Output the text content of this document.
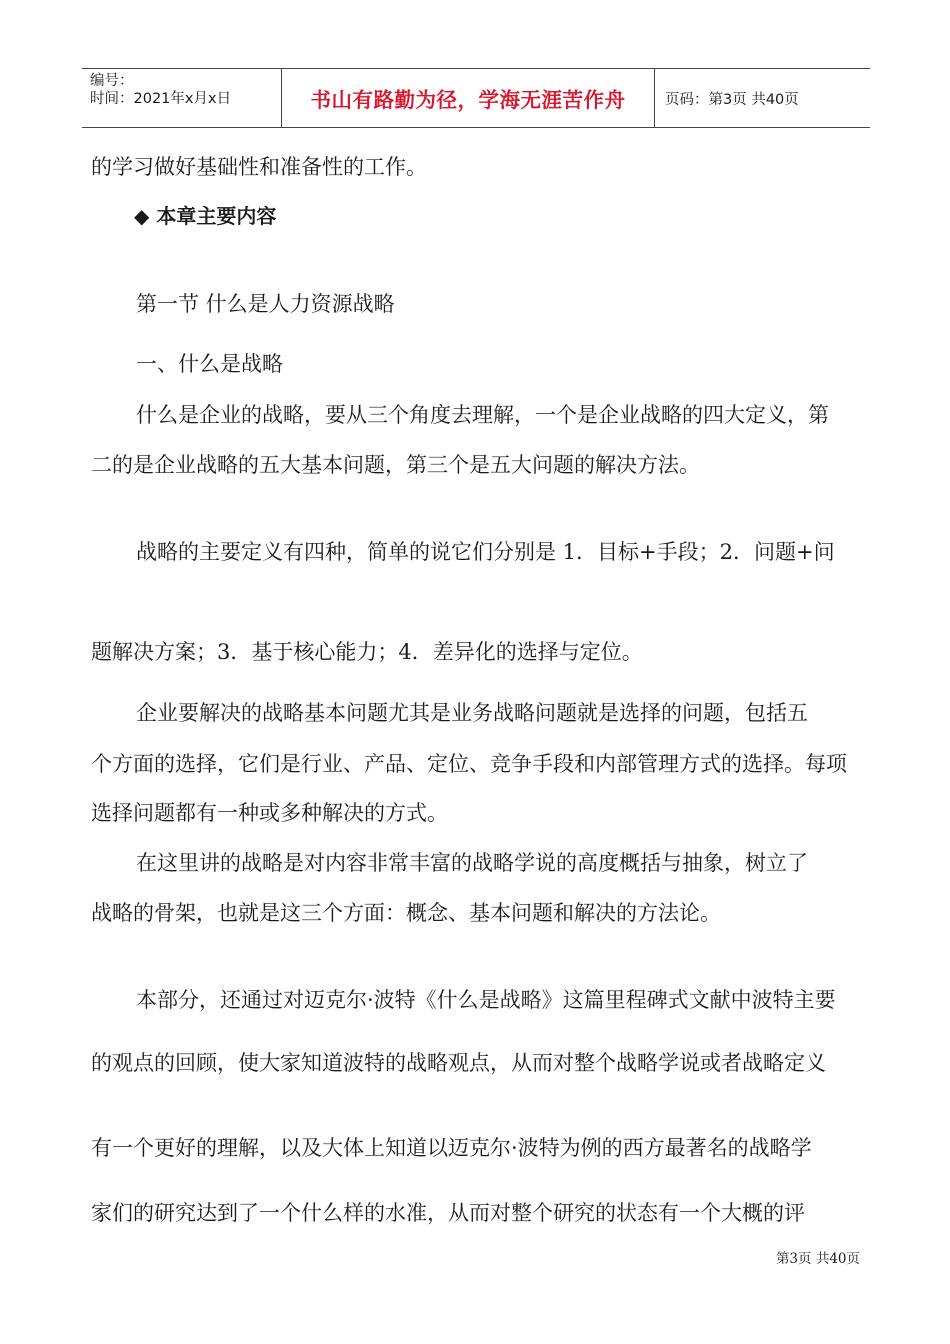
编号：
时间：2021年x月x日	书山有路勤为径，学海无涯苦作舟	页码：第3页 共40页
的学习做好基础性和准备性的工作。
◆ 本章主要内容
第一节 什么是人力资源战略
一、什么是战略
什么是企业的战略，要从三个角度去理解，一个是企业战略的四大定义，第
二的是企业战略的五大基本问题，第三个是五大问题的解决方法。
战略的主要定义有四种，简单的说它们分别是 1．目标+手段；2．问题+问
题解决方案；3．基于核心能力；4．差异化的选择与定位。
企业要解决的战略基本问题尤其是业务战略问题就是选择的问题，包括五
个方面的选择，它们是行业、产品、定位、竞争手段和内部管理方式的选择。每项
选择问题都有一种或多种解决的方式。
在这里讲的战略是对内容非常丰富的战略学说的高度概括与抽象，树立了
战略的骨架，也就是这三个方面：概念、基本问题和解决的方法论。
本部分，还通过对迈克尔·波特《什么是战略》这篇里程碑式文献中波特主要
的观点的回顾，使大家知道波特的战略观点，从而对整个战略学说或者战略定义
有一个更好的理解，以及大体上知道以迈克尔·波特为例的西方最著名的战略学
家们的研究达到了一个什么样的水准，从而对整个研究的状态有一个大概的评
第3页 共40页
